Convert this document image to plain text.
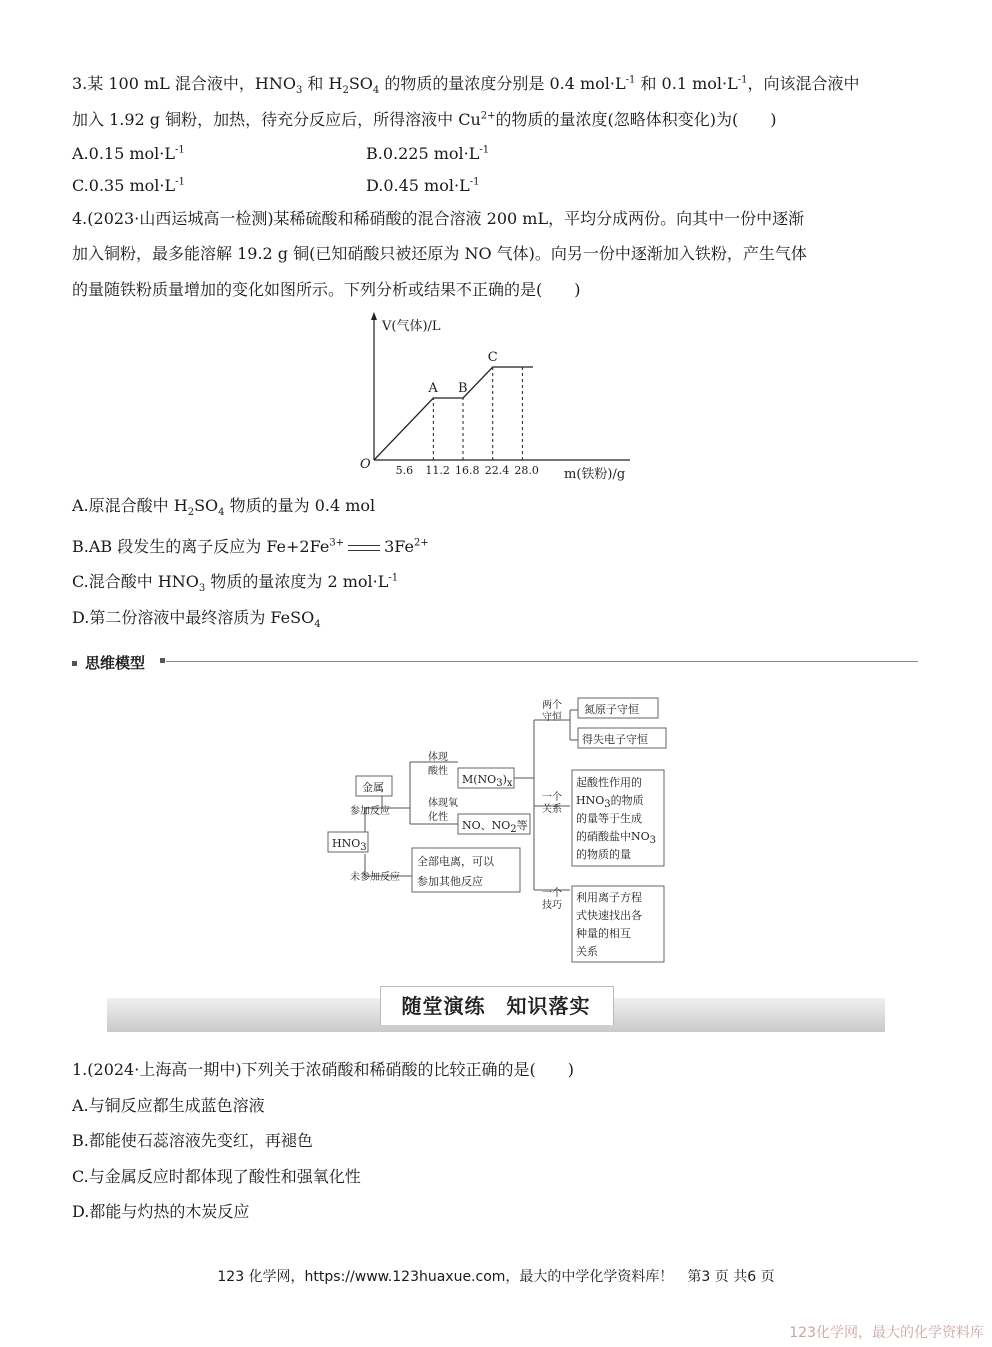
3.某 100 mL 混合液中，$HNO_3$ 和 $H_2SO_4$ 的物质的量浓度分别是 0.4 $mol\cdot L^{-1}$ 和 0.1 $mol\cdot L^{-1}$，向该混合液中
加入 1.92 g 铜粉，加热，待充分反应后，所得溶液中 $Cu^{2+}$的物质的量浓度(忽略体积变化)为(　　)
A.0.15 $mol\cdot L^{-1}$	B.0.225 $mol\cdot L^{-1}$
C.0.35 $mol\cdot L^{-1}$	D.0.45 $mol\cdot L^{-1}$
4.(2023·山西运城高一检测)某稀硫酸和稀硝酸的混合溶液 200 mL，平均分成两份。向其中一份中逐渐
加入铜粉，最多能溶解 19.2 g 铜(已知硝酸只被还原为 NO 气体)。向另一份中逐渐加入铁粉，产生气体
的量随铁粉质量增加的变化如图所示。下列分析或结果不正确的是(　　)
V(气体)/L
O
m(铁粉)/g
5.6 11.2 16.8 22.4 28.0
A B
C
A.原混合酸中 $H_2SO_4$ 物质的量为 0.4 mol
B.AB 段发生的离子反应为 $Fe+2Fe^{3+}$	$3Fe^{2+}$
C.混合酸中 $HNO_3$ 物质的量浓度为 2 $mol\cdot L^{-1}$
D.第二份溶液中最终溶质为 FeSO$_4$
思维模型
金属
HNO3
参加反应
未参加反应
体现
酸性
体现氧
化性
M(NO3)x
NO、NO2等
全部电离，可以
参加其他反应
两个
守恒
氮原子守恒
得失电子守恒
一个
关系
起酸性作用的
HNO3的物质
的量等于生成
的硝酸盐中NO3
的物质的量
一个
技巧
利用离子方程
式快速找出各
种量的相互
关系
随堂演练　知识落实
1.(2024·上海高一期中)下列关于浓硝酸和稀硝酸的比较正确的是(　　)
A.与铜反应都生成蓝色溶液
B.都能使石蕊溶液先变红，再褪色
C.与金属反应时都体现了酸性和强氧化性
D.都能与灼热的木炭反应
123 化学网，https://www.123huaxue.com，最大的中学化学资料库！　第3 页 共6 页
123化学网，最大的化学资料库
